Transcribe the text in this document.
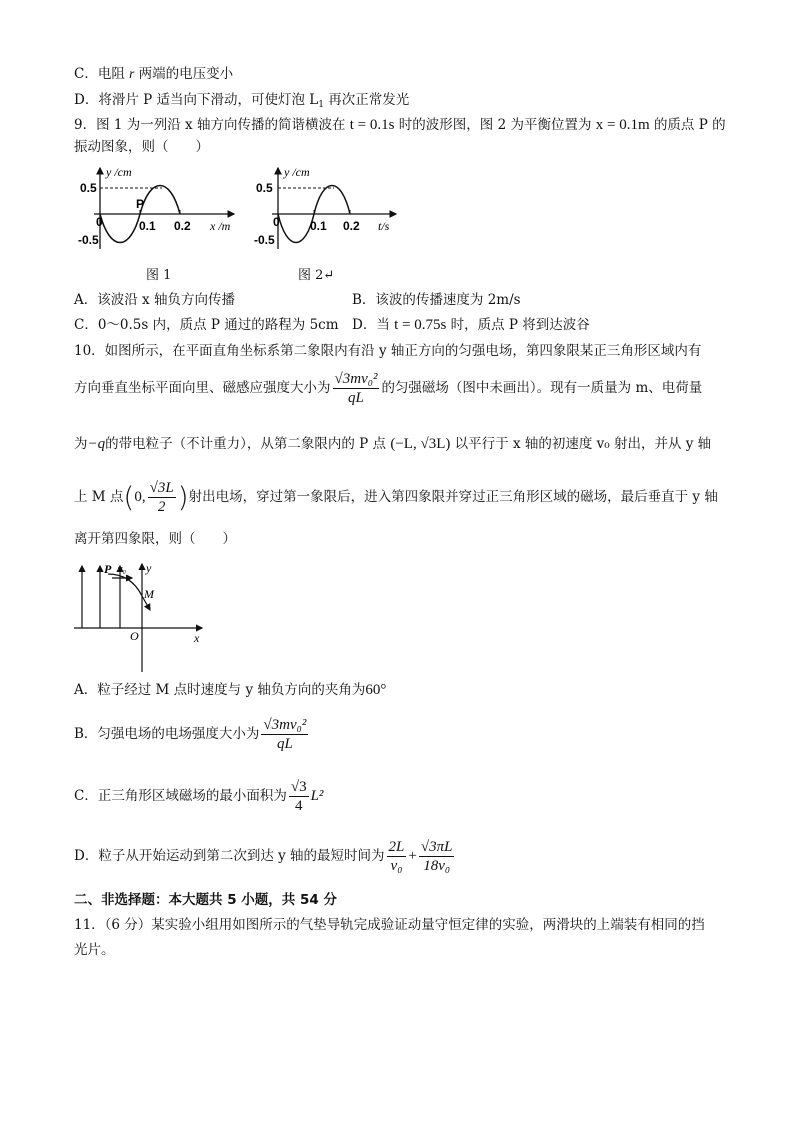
C．电阻 r 两端的电压变小
D．将滑片 P 适当向下滑动，可使灯泡 $L_1$ 再次正常发光
9．图 1 为一列沿 x 轴方向传播的简谐横波在 t = 0.1s 时的波形图，图 2 为平衡位置为 x = 0.1m 的质点 P 的
振动图象，则（　　）
y /cm
x /m
0.5
-0.5
0	0.1 0.2
P
图 1
y /cm
t/s
0.5
-0.5
0	0.1 0.2
图 2↵
A．该波沿 x 轴负方向传播	B．该波的传播速度为 2m/s
C．0～0.5s 内，质点 P 通过的路程为 5cm D．当 t = 0.75s 时，质点 P 将到达波谷
10．如图所示，在平面直角坐标系第二象限内有沿 y 轴正方向的匀强电场，第四象限某正三角形区域内有
方向垂直坐标平面向里、磁感应强度大小为 $\frac{\text{√3mv₀²}}{qL}$ 的匀强磁场（图中未画出）。现有一质量为 m、电荷量
为−q的带电粒子（不计重力），从第二象限内的 P 点 (−L, √3L) 以平行于 x 轴的初速度 v₀ 射出，并从 y 轴
上 M 点(0, $\frac{√3L}{2}$ )射出电场，穿过第一象限后，进入第四象限并穿过正三角形区域的磁场，最后垂直于 y 轴
离开第四象限，则（　　）
P v₀ y
M
O	x
A．粒子经过 M 点时速度与 y 轴负方向的夹角为60°
B．匀强电场的电场强度大小为 $\frac{\text{√3mv₀²}}{qL}$
C．正三角形区域磁场的最小面积为 $\frac{√3}{4} L^2$
D．粒子从开始运动到第二次到达 y 轴的最短时间为 $\frac{2L}{\text{v₀}} + \frac{√3\pi L}{\text{18v₀}}$
二、非选择题：本大题共 5 小题，共 54 分
11．（6 分）某实验小组用如图所示的气垫导轨完成验证动量守恒定律的实验，两滑块的上端装有相同的挡
光片。
